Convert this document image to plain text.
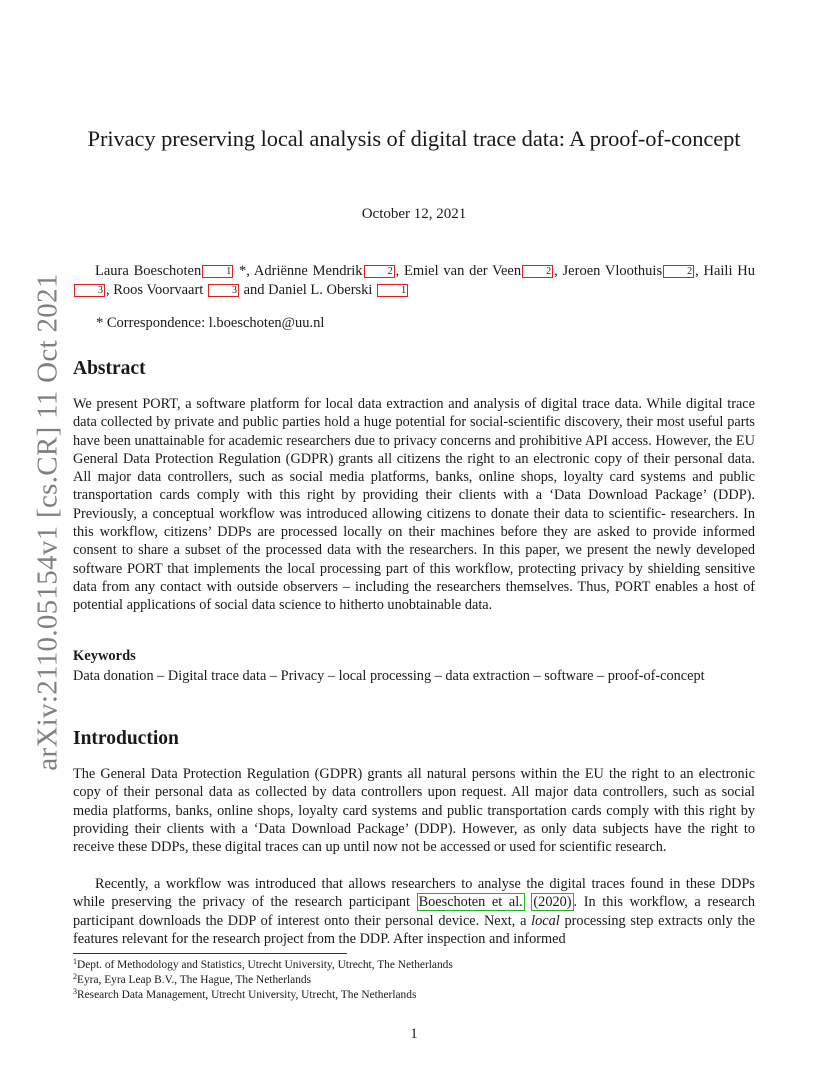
arXiv:2110.05154v1 [cs.CR] 11 Oct 2021
Privacy preserving local analysis of digital trace data: A proof-of-concept
October 12, 2021
Laura Boeschoten	$^1$ *, Adriënne Mendrik	$^2$ , Emiel van der Veen	$^2$ , Jeroen Vloothuis	$^2$ , Haili Hu $^3$ , Roos Voorvaart	$^3$ and Daniel L. Oberski	$^1$
* Correspondence: l.boeschoten@uu.nl
Abstract

We present PORT, a software platform for local data extraction and analysis of digital trace data. While digital trace data collected by private and public parties hold a huge potential for social-scientific discovery, their most useful parts have been unattainable for academic researchers due to privacy concerns and prohibitive API access. However, the EU General Data Protection Regulation (GDPR) grants all citizens the right to an electronic copy of their personal data. All major data controllers, such as social media platforms, banks, online shops, loyalty card systems and public transportation cards comply with this right by providing their clients with a ‘Data Download Package’ (DDP). Previously, a conceptual workflow was introduced allowing citizens to donate their data to scientific- researchers. In this workflow, citizens’ DDPs are processed locally on their machines before they are asked to provide informed consent to share a subset of the processed data with the researchers. In this paper, we present the newly developed software PORT that implements the local processing part of this workflow, protecting privacy by shielding sensitive data from any contact with outside observers – including the researchers themselves. Thus, PORT enables a host of potential applications of social data science to hitherto unobtainable data.

Keywords

Data donation – Digital trace data – Privacy – local processing – data extraction – software – proof-of-concept

Introduction

The General Data Protection Regulation (GDPR) grants all natural persons within the EU the right to an electronic copy of their personal data as collected by data controllers upon request. All major data controllers, such as social media platforms, banks, online shops, loyalty card systems and public transportation cards comply with this right by providing their clients with a ‘Data Download Package’ (DDP). However, as only data subjects have the right to receive these DDPs, these digital traces can up until now not be accessed or used for scientific research.

Recently, a workflow was introduced that allows researchers to analyse the digital traces found in these DDPs while preserving the privacy of the research participant Boeschoten et al. (2020) . In this workflow, a research participant downloads the DDP of interest onto their personal device. Next, a local processing step extracts only the features relevant for the research project from the DDP. After inspection and informed

$^1$Dept. of Methodology and Statistics, Utrecht University, Utrecht, The Netherlands
$^2$Eyra, Eyra Leap B.V., The Hague, The Netherlands
$^3$Research Data Management, Utrecht University, Utrecht, The Netherlands
1
